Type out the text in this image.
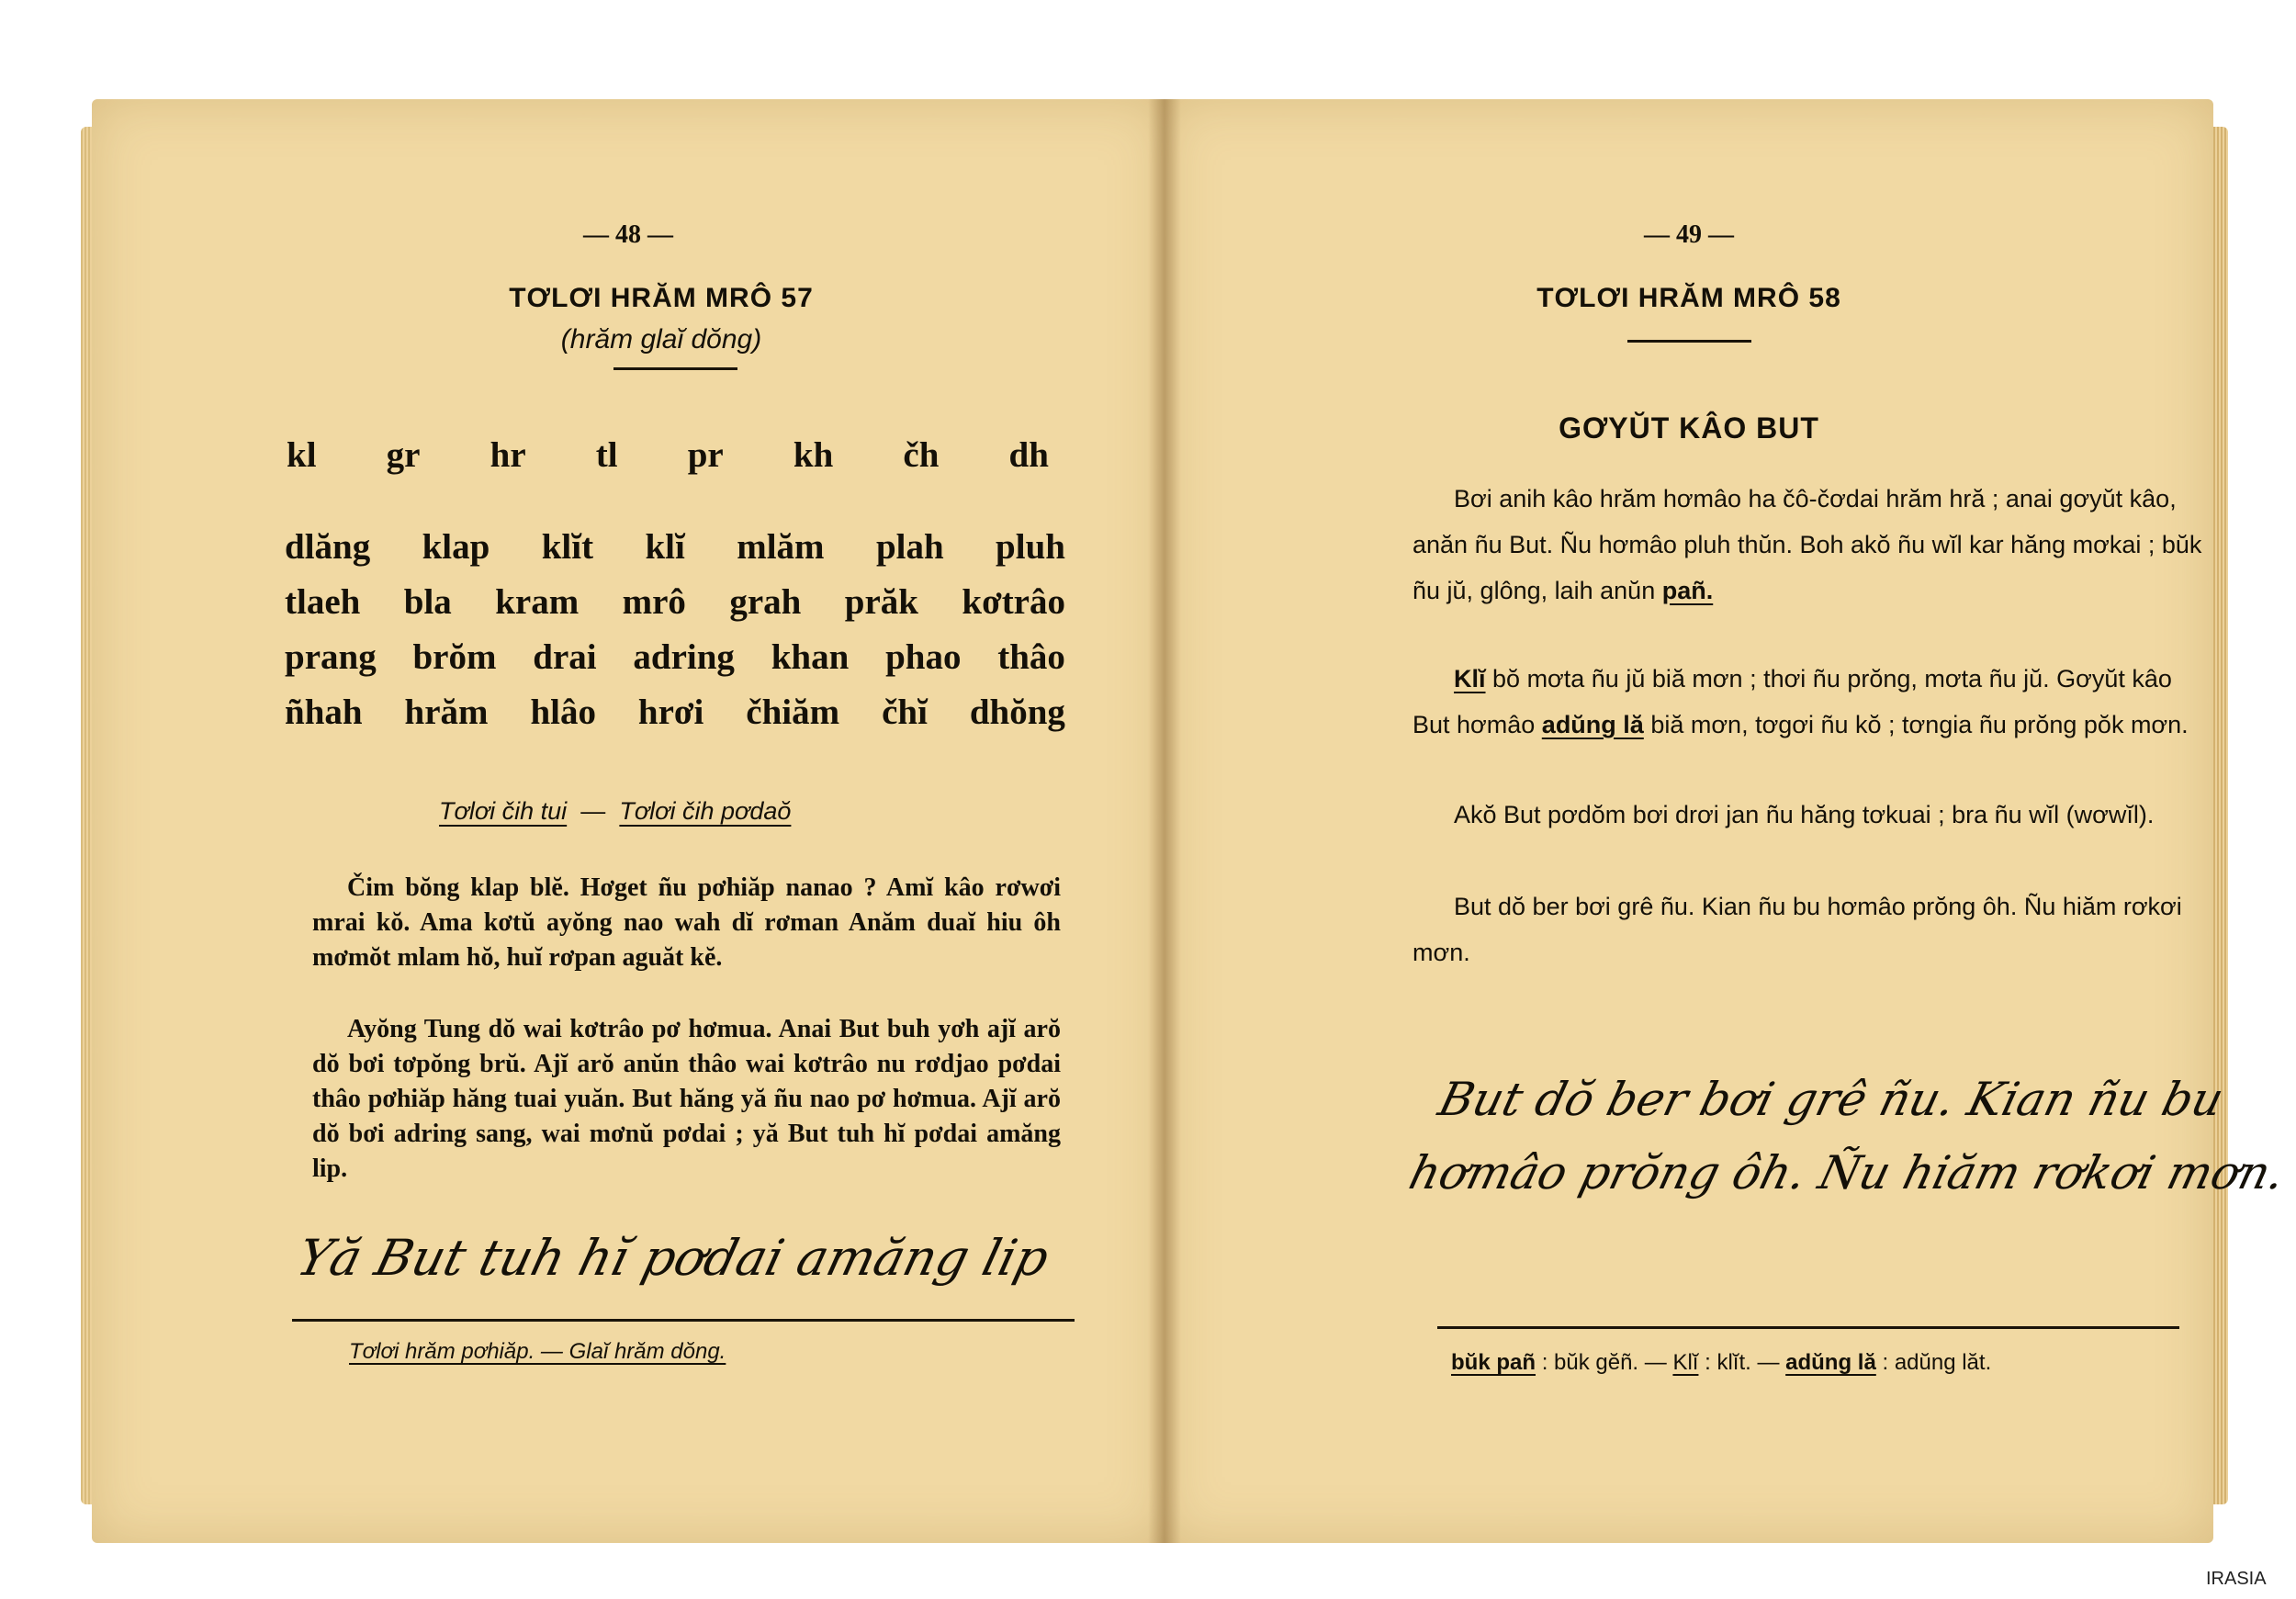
— 48 —
TƠLƠI HRĂM MRÔ 57
(hrăm glaĭ dŏng)
kl gr hr tl pr kh čh dh
dlăng klap klĭt klĭ mlăm plah pluh
tlaeh bla kram mrô grah prăk kơtrâo
prang brŏm drai adring khan phao thâo
ñhah hrăm hlâo hrơi čhiăm čhĭ dhŏng
Tơlơi čih tui — Tơlơi čih pơdaŏ
Čim bŏng klap blĕ. Hơget ñu pơhiăp nanao ? Amĭ kâo rơwơi mrai kŏ. Ama kơtŭ ayŏng nao wah dĭ rơman Anăm duaĭ hiu ôh mơmŏt mlam hŏ, huĭ rơpan aguăt kĕ.
Ayŏng Tung dŏ wai kơtrâo pơ hơmua. Anai But buh yơh ajĭ arŏ dŏ bơi tơpŏng brŭ. Ajĭ arŏ anŭn thâo wai kơtrâo nu rơdjao pơdai thâo pơhiăp hăng tuai yuăn. But hăng yă ñu nao pơ hơmua. Ajĭ arŏ dŏ bơi adring sang, wai mơnŭ pơdai ; yă But tuh hĭ pơdai amăng lip.
Yă But tuh hĭ pơdai amăng lip
Tơlơi hrăm pơhiăp. — Glaĭ hrăm dŏng.
— 49 —
TƠLƠI HRĂM MRÔ 58
GƠYŬT KÂO BUT
Bơi anih kâo hrăm hơmâo ha čô-čơdai hrăm hră ; anai gơyŭt kâo, anăn ñu But. Ñu hơmâo pluh thŭn. Boh akŏ ñu wĭl kar hăng mơkai ; bŭk ñu jŭ, glông, laih anŭn pañ.
Klĭ bŏ mơta ñu jŭ biă mơn ; thơi ñu prŏng, mơta ñu jŭ. Gơyŭt kâo But hơmâo adŭng lă biă mơn, tơgơi ñu kŏ ; tơngia ñu prŏng pŏk mơn.
Akŏ But pơdŏm bơi drơi jan ñu hăng tơkuai ; bra ñu wĭl (wơwĭl).
But dŏ ber bơi grê ñu. Kian ñu bu hơmâo prŏng ôh. Ñu hiăm rơkơi mơn.
But dŏ ber bơi grê ñu. Kian ñu bu
hơmâo prŏng ôh. Ñu hiăm rơkơi mơn.
bŭk pañ : bŭk gĕñ. — Klĭ : klĭt. — adŭng lă : adŭng lăt.
IRASIA
